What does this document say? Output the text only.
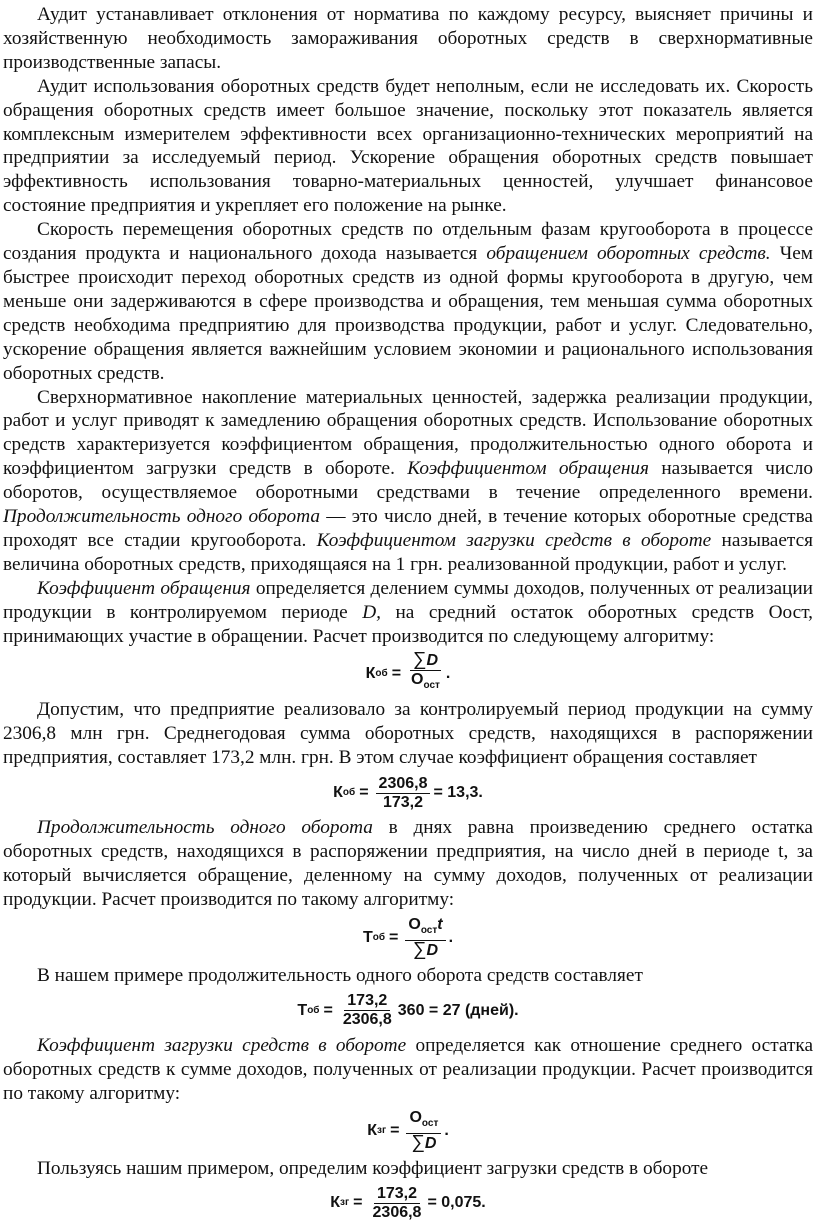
Аудит устанавливает отклонения от норматива по каждому ресурсу, выясняет причины и хозяйственную необходимость замораживания оборотных средств в сверхнормативные производственные запасы.

Аудит использования оборотных средств будет неполным, если не исследовать их. Скорость обращения оборотных средств имеет большое значение, поскольку этот показатель является комплексным измерителем эффективности всех организационно-технических мероприятий на предприятии за исследуемый период. Ускорение обращения оборотных средств повышает эффективность использования товарно-материальных ценностей, улучшает финансовое состояние предприятия и укрепляет его положение на рынке.

Скорость перемещения оборотных средств по отдельным фазам кругооборота в процессе создания продукта и национального дохода называется обращением оборотных средств. Чем быстрее происходит переход оборотных средств из одной формы кругооборота в другую, чем меньше они задерживаются в сфере производства и обращения, тем меньшая сумма оборотных средств необходима предприятию для производства продукции, работ и услуг. Следовательно, ускорение обращения является важнейшим условием экономии и рационального использования оборотных средств.

Сверхнормативное накопление материальных ценностей, задержка реализации продукции, работ и услуг приводят к замедлению обращения оборотных средств. Использование оборотных средств характеризуется коэффициентом обращения, продолжительностью одного оборота и коэффициентом загрузки средств в обороте. Коэффициентом обращения называется число оборотов, осуществляемое оборотными средствами в течение определенного времени. Продолжительность одного оборота — это число дней, в течение которых оборотные средства проходят все стадии кругооборота. Коэффициентом загрузки средств в обороте называется величина оборотных средств, приходящаяся на 1 грн. реализованной продукции, работ и услуг.

Коэффициент обращения определяется делением суммы доходов, полученных от реализации продукции в контролируемом периоде D, на средний остаток оборотных средств Оост, принимающих участие в обращении. Расчет производится по следующему алгоритму:

К об = $\frac{\sum D}{О_{ост}}$ .

Допустим, что предприятие реализовало за контролируемый период продукции на сумму 2306,8 млн грн. Среднегодовая сумма оборотных средств, находящихся в распоряжении предприятия, составляет 173,2 млн. грн. В этом случае коэффициент обращения составляет

К об = $\frac{2306,8}{173,2} = 13,3$.

Продолжительность одного оборота в днях равна произведению среднего остатка оборотных средств, находящихся в распоряжении предприятия, на число дней в периоде t, за который вычисляется обращение, деленному на сумму доходов, полученных от реализации продукции. Расчет производится по такому алгоритму:

Т об = $\frac{О_{ост}t}{\sum D}$ .

В нашем примере продолжительность одного оборота средств составляет

Т об = $\frac{173,2}{2306,8} 360 = 27$ (дней).

Коэффициент загрузки средств в обороте определяется как отношение среднего остатка оборотных средств к сумме доходов, полученных от реализации продукции. Расчет производится по такому алгоритму:

К зг = $\frac{О_{ост}}{\sum D}$ .

Пользуясь нашим примером, определим коэффициент загрузки средств в обороте

К зг = $\frac{173,2}{2306,8} = 0,075$.
